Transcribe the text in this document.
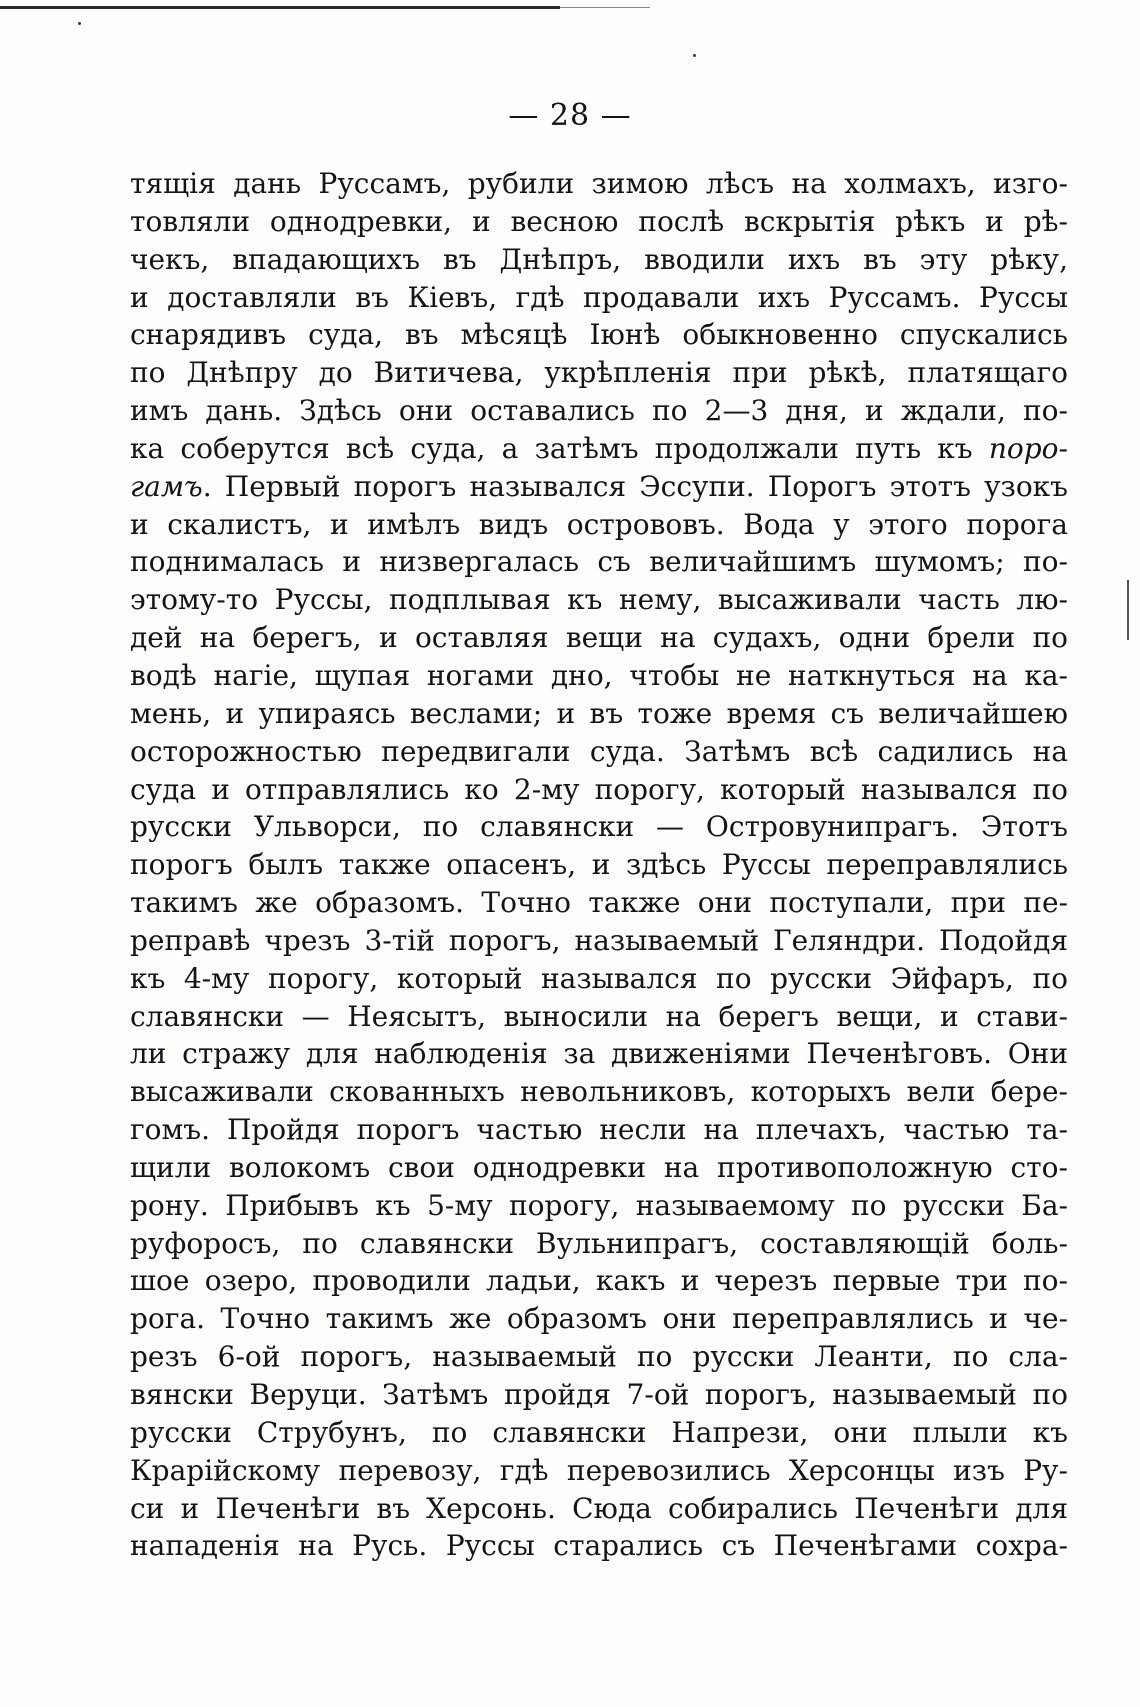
— 28 —
тящія дань Руссамъ, рубили зимою лѣсъ на холмахъ, изго-
товляли однодревки, и весною послѣ вскрытія рѣкъ и рѣ-
чекъ, впадающихъ въ Днѣпръ, вводили ихъ въ эту рѣку,
и доставляли въ Кіевъ, гдѣ продавали ихъ Руссамъ. Руссы
снарядивъ суда, въ мѣсяцѣ Іюнѣ обыкновенно спускались
по Днѣпру до Витичева, укрѣпленія при рѣкѣ, платящаго
имъ дань. Здѣсь они оставались по 2—3 дня, и ждали, по-
ка соберутся всѣ суда, а затѣмъ продолжали путь къ поро-
гамъ. Первый порогъ назывался Эссупи. Порогъ этотъ узокъ
и скалистъ, и имѣлъ видъ острововъ. Вода у этого порога
поднималась и низвергалась съ величайшимъ шумомъ; по-
этому-то Руссы, подплывая къ нему, высаживали часть лю-
дей на берегъ, и оставляя вещи на судахъ, одни брели по
водѣ нагіе, щупая ногами дно, чтобы не наткнуться на ка-
мень, и упираясь веслами; и въ тоже время съ величайшею
осторожностью передвигали суда. Затѣмъ всѣ садились на
суда и отправлялись ко 2-му порогу, который назывался по
русски Ульворси, по славянски — Островунипрагъ. Этотъ
порогъ былъ также опасенъ, и здѣсь Руссы переправлялись
такимъ же образомъ. Точно также они поступали, при пе-
реправѣ чрезъ 3-тій порогъ, называемый Геляндри. Подойдя
къ 4-му порогу, который назывался по русски Эйфаръ, по
славянски — Неясытъ, выносили на берегъ вещи, и стави-
ли стражу для наблюденія за движеніями Печенѣговъ. Они
высаживали скованныхъ невольниковъ, которыхъ вели бере-
гомъ. Пройдя порогъ частью несли на плечахъ, частью та-
щили волокомъ свои однодревки на противоположную сто-
рону. Прибывъ къ 5-му порогу, называемому по русски Ба-
руфоросъ, по славянски Вульнипрагъ, составляющій боль-
шое озеро, проводили ладьи, какъ и черезъ первые три по-
рога. Точно такимъ же образомъ они переправлялись и че-
резъ 6-ой порогъ, называемый по русски Леанти, по сла-
вянски Веруци. Затѣмъ пройдя 7-ой порогъ, называемый по
русски Струбунъ, по славянски Напрези, они плыли къ
Крарійскому перевозу, гдѣ перевозились Херсонцы изъ Ру-
си и Печенѣги въ Херсонь. Сюда собирались Печенѣги для
нападенія на Русь. Руссы старались съ Печенѣгами сохра-
